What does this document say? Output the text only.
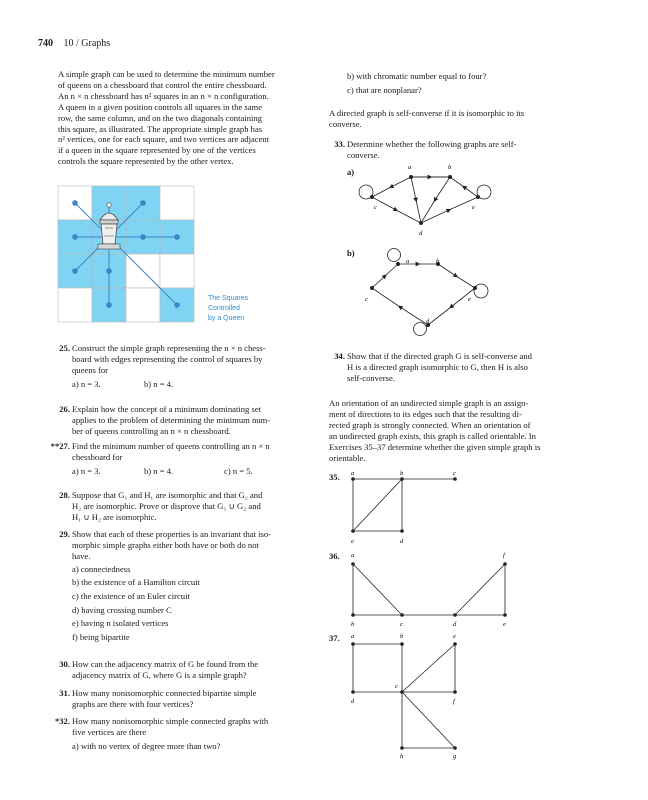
740 10 / Graphs
A simple graph can be used to determine the minimum number
of queens on a chessboard that control the entire chessboard.
An n × n chessboard has n² squares in an n × n configuration.
A queen in a given position controls all squares in the same
row, the same column, and on the two diagonals containing
this square, as illustrated. The appropriate simple graph has
n² vertices, one for each square, and two vertices are adjacent
if a queen in the square represented by one of the vertices
controls the square represented by the other vertex.
The Squares
Controlled
by a Queen
25. Construct the simple graph representing the n × n chess-
board with edges representing the control of squares by
queens for
a) n = 3.	b) n = 4.
26. Explain how the concept of a minimum dominating set
applies to the problem of determining the minimum num-
ber of queens controlling an n × n chessboard.
**27. Find the minimum number of queens controlling an n × n
chessboard for
a) n = 3.	b) n = 4.	c) n = 5.
28. Suppose that G₁ and H₁ are isomorphic and that G₂ and
H₂ are isomorphic. Prove or disprove that G₁ ∪ G₂ and
H₁ ∪ H₂ are isomorphic.
29. Show that each of these properties is an invariant that iso-
morphic simple graphs either both have or both do not
have.
a) connectedness
b) the existence of a Hamilton circuit
c) the existence of an Euler circuit
d) having crossing number C
e) having n isolated vertices
f) being bipartite
30. How can the adjacency matrix of G be found from the
adjacency matrix of G, where G is a simple graph?
31. How many nonisomorphic connected bipartite simple
graphs are there with four vertices?
*32. How many nonisomorphic simple connected graphs with
five vertices are there
a) with no vertex of degree more than two?
b) with chromatic number equal to four?
c) that are nonplanar?
A directed graph is self-converse if it is isomorphic to its
converse.
33. Determine whether the following graphs are self-
converse.
a)	a	b
c	e
d
b)
a	b
c	e
d
34. Show that if the directed graph G is self-converse and
H is a directed graph isomorphic to G, then H is also
self-converse.
An orientation of an undirected simple graph is an assign-
ment of directions to its edges such that the resulting di-
rected graph is strongly connected. When an orientation of
an undirected graph exists, this graph is called orientable. In
Exercises 35–37 determine whether the given simple graph is
orientable.
35. a	b	c
e	d
36. a	f
b	c	d	e
37. a	b	e
d
c
f
h	g
